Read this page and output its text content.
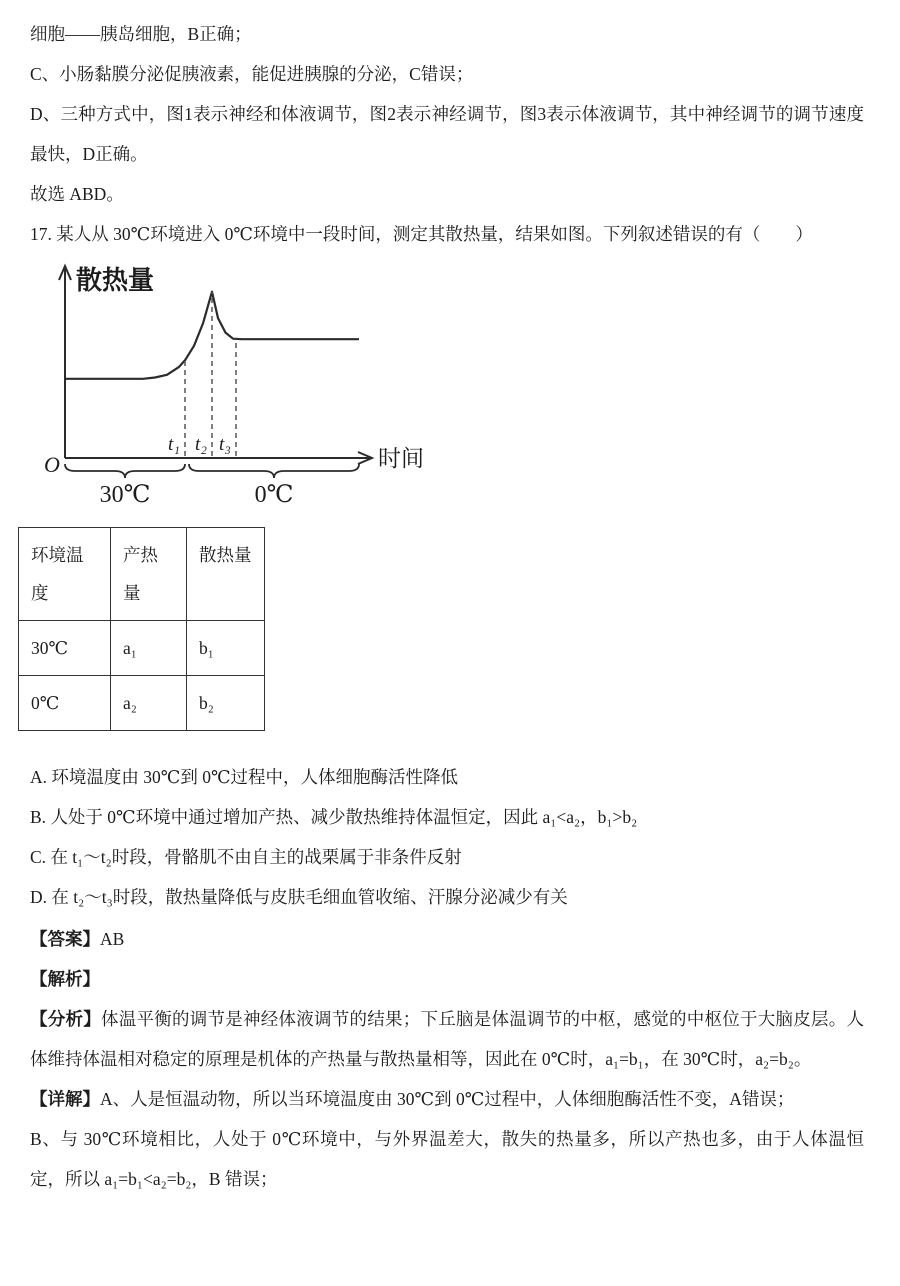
细胞——胰岛细胞，B正确；

C、小肠黏膜分泌促胰液素，能促进胰腺的分泌，C错误；

D、三种方式中，图1表示神经和体液调节，图2表示神经调节，图3表示体液调节，其中神经调节的调节速度最快，D正确。

故选 ABD。

17. 某人从 30℃环境进入 0℃环境中一段时间，测定其散热量，结果如图。下列叙述错误的有（　　）

散热量
时间
O
t₁ t₂ t₃
30℃	0℃
环境温度	产热量	散热量
30℃	a₁	b₁
0℃	a₂	b₂

A. 环境温度由 30℃到 0℃过程中，人体细胞酶活性降低

B. 人处于 0℃环境中通过增加产热、减少散热维持体温恒定，因此 a₁<a₂，b₁>b₂

C. 在 t₁～t₂时段，骨骼肌不由自主的战栗属于非条件反射

D. 在 t₂～t₃时段，散热量降低与皮肤毛细血管收缩、汗腺分泌减少有关

【答案】AB

【解析】

【分析】体温平衡的调节是神经体液调节的结果；下丘脑是体温调节的中枢，感觉的中枢位于大脑皮层。人体维持体温相对稳定的原理是机体的产热量与散热量相等，因此在 0℃时，a₁=b₁，在 30℃时，a₂=b₂。

【详解】A、人是恒温动物，所以当环境温度由 30℃到 0℃过程中，人体细胞酶活性不变，A错误；

B、与 30℃环境相比，人处于 0℃环境中，与外界温差大，散失的热量多，所以产热也多，由于人体温恒定，所以 a₁=b₁<a₂=b₂，B 错误；
